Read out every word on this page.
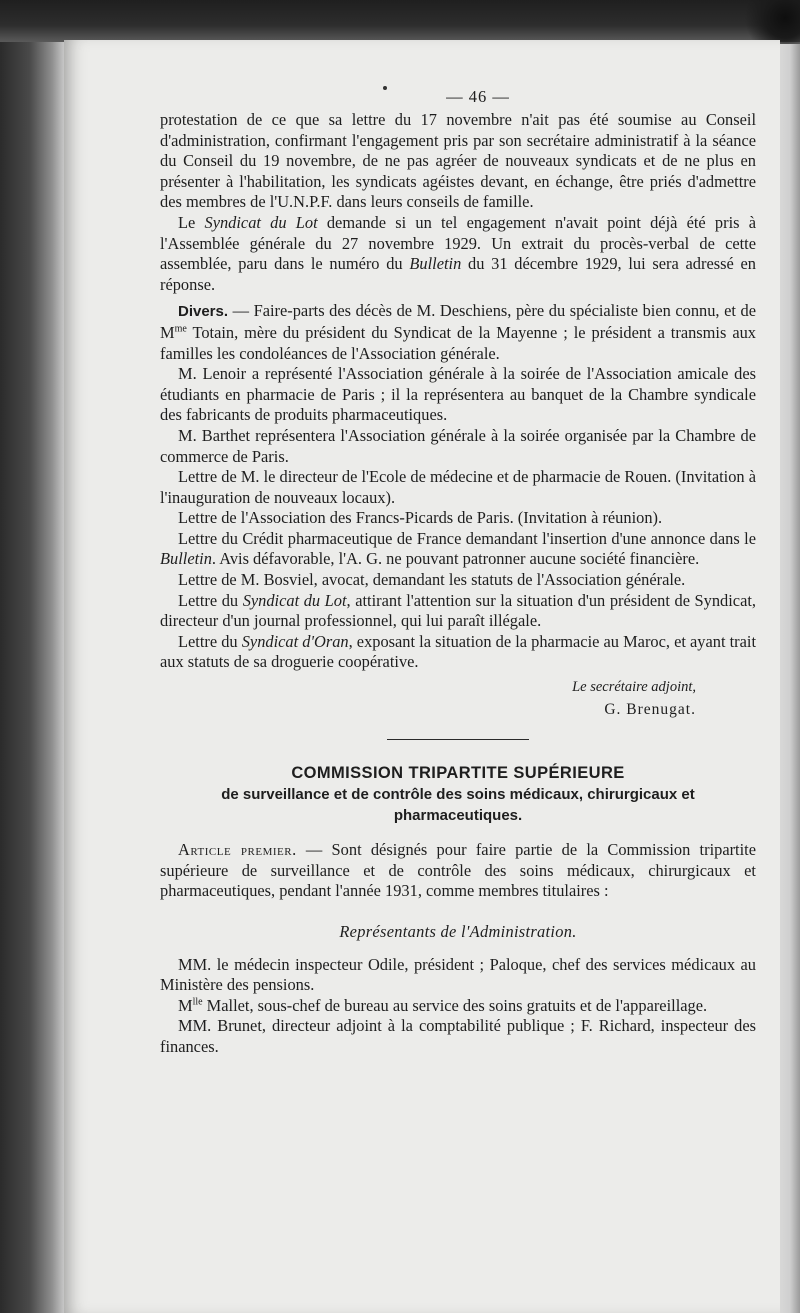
— 46 —

protestation de ce que sa lettre du 17 novembre n'ait pas été soumise au Conseil d'administration, confirmant l'engagement pris par son secrétaire administratif à la séance du Conseil du 19 novembre, de ne pas agréer de nouveaux syndicats et de ne plus en présenter à l'habilitation, les syndicats agéistes devant, en échange, être priés d'admettre des membres de l'U.N.P.F. dans leurs conseils de famille.

Le Syndicat du Lot demande si un tel engagement n'avait point déjà été pris à l'Assemblée générale du 27 novembre 1929. Un extrait du procès-verbal de cette assemblée, paru dans le numéro du Bulletin du 31 décembre 1929, lui sera adressé en réponse.

Divers. — Faire-parts des décès de M. Deschiens, père du spécialiste bien connu, et de $M^{me}$ Totain, mère du président du Syndicat de la Mayenne ; le président a transmis aux familles les condoléances de l'Association générale.

M. Lenoir a représenté l'Association générale à la soirée de l'Association amicale des étudiants en pharmacie de Paris ; il la représentera au banquet de la Chambre syndicale des fabricants de produits pharmaceutiques.

M. Barthet représentera l'Association générale à la soirée organisée par la Chambre de commerce de Paris.

Lettre de M. le directeur de l'Ecole de médecine et de pharmacie de Rouen. (Invitation à l'inauguration de nouveaux locaux).

Lettre de l'Association des Francs-Picards de Paris. (Invitation à réunion).

Lettre du Crédit pharmaceutique de France demandant l'insertion d'une annonce dans le Bulletin. Avis défavorable, l'A. G. ne pouvant patronner aucune société financière.

Lettre de M. Bosviel, avocat, demandant les statuts de l'Association générale.

Lettre du Syndicat du Lot, attirant l'attention sur la situation d'un président de Syndicat, directeur d'un journal professionnel, qui lui paraît illégale.

Lettre du Syndicat d'Oran, exposant la situation de la pharmacie au Maroc, et ayant trait aux statuts de sa droguerie coopérative.

Le secrétaire adjoint,
G. Brenugat.
COMMISSION TRIPARTITE SUPÉRIEURE
de surveillance et de contrôle des soins médicaux, chirurgicaux et pharmaceutiques.

Article premier. — Sont désignés pour faire partie de la Commission tripartite supérieure de surveillance et de contrôle des soins médicaux, chirurgicaux et pharmaceutiques, pendant l'année 1931, comme membres titulaires :

Représentants de l'Administration.

MM. le médecin inspecteur Odile, président ; Paloque, chef des services médicaux au Ministère des pensions.

$M^{lle}$ Mallet, sous-chef de bureau au service des soins gratuits et de l'appareillage.

MM. Brunet, directeur adjoint à la comptabilité publique ; F. Richard, inspecteur des finances.
